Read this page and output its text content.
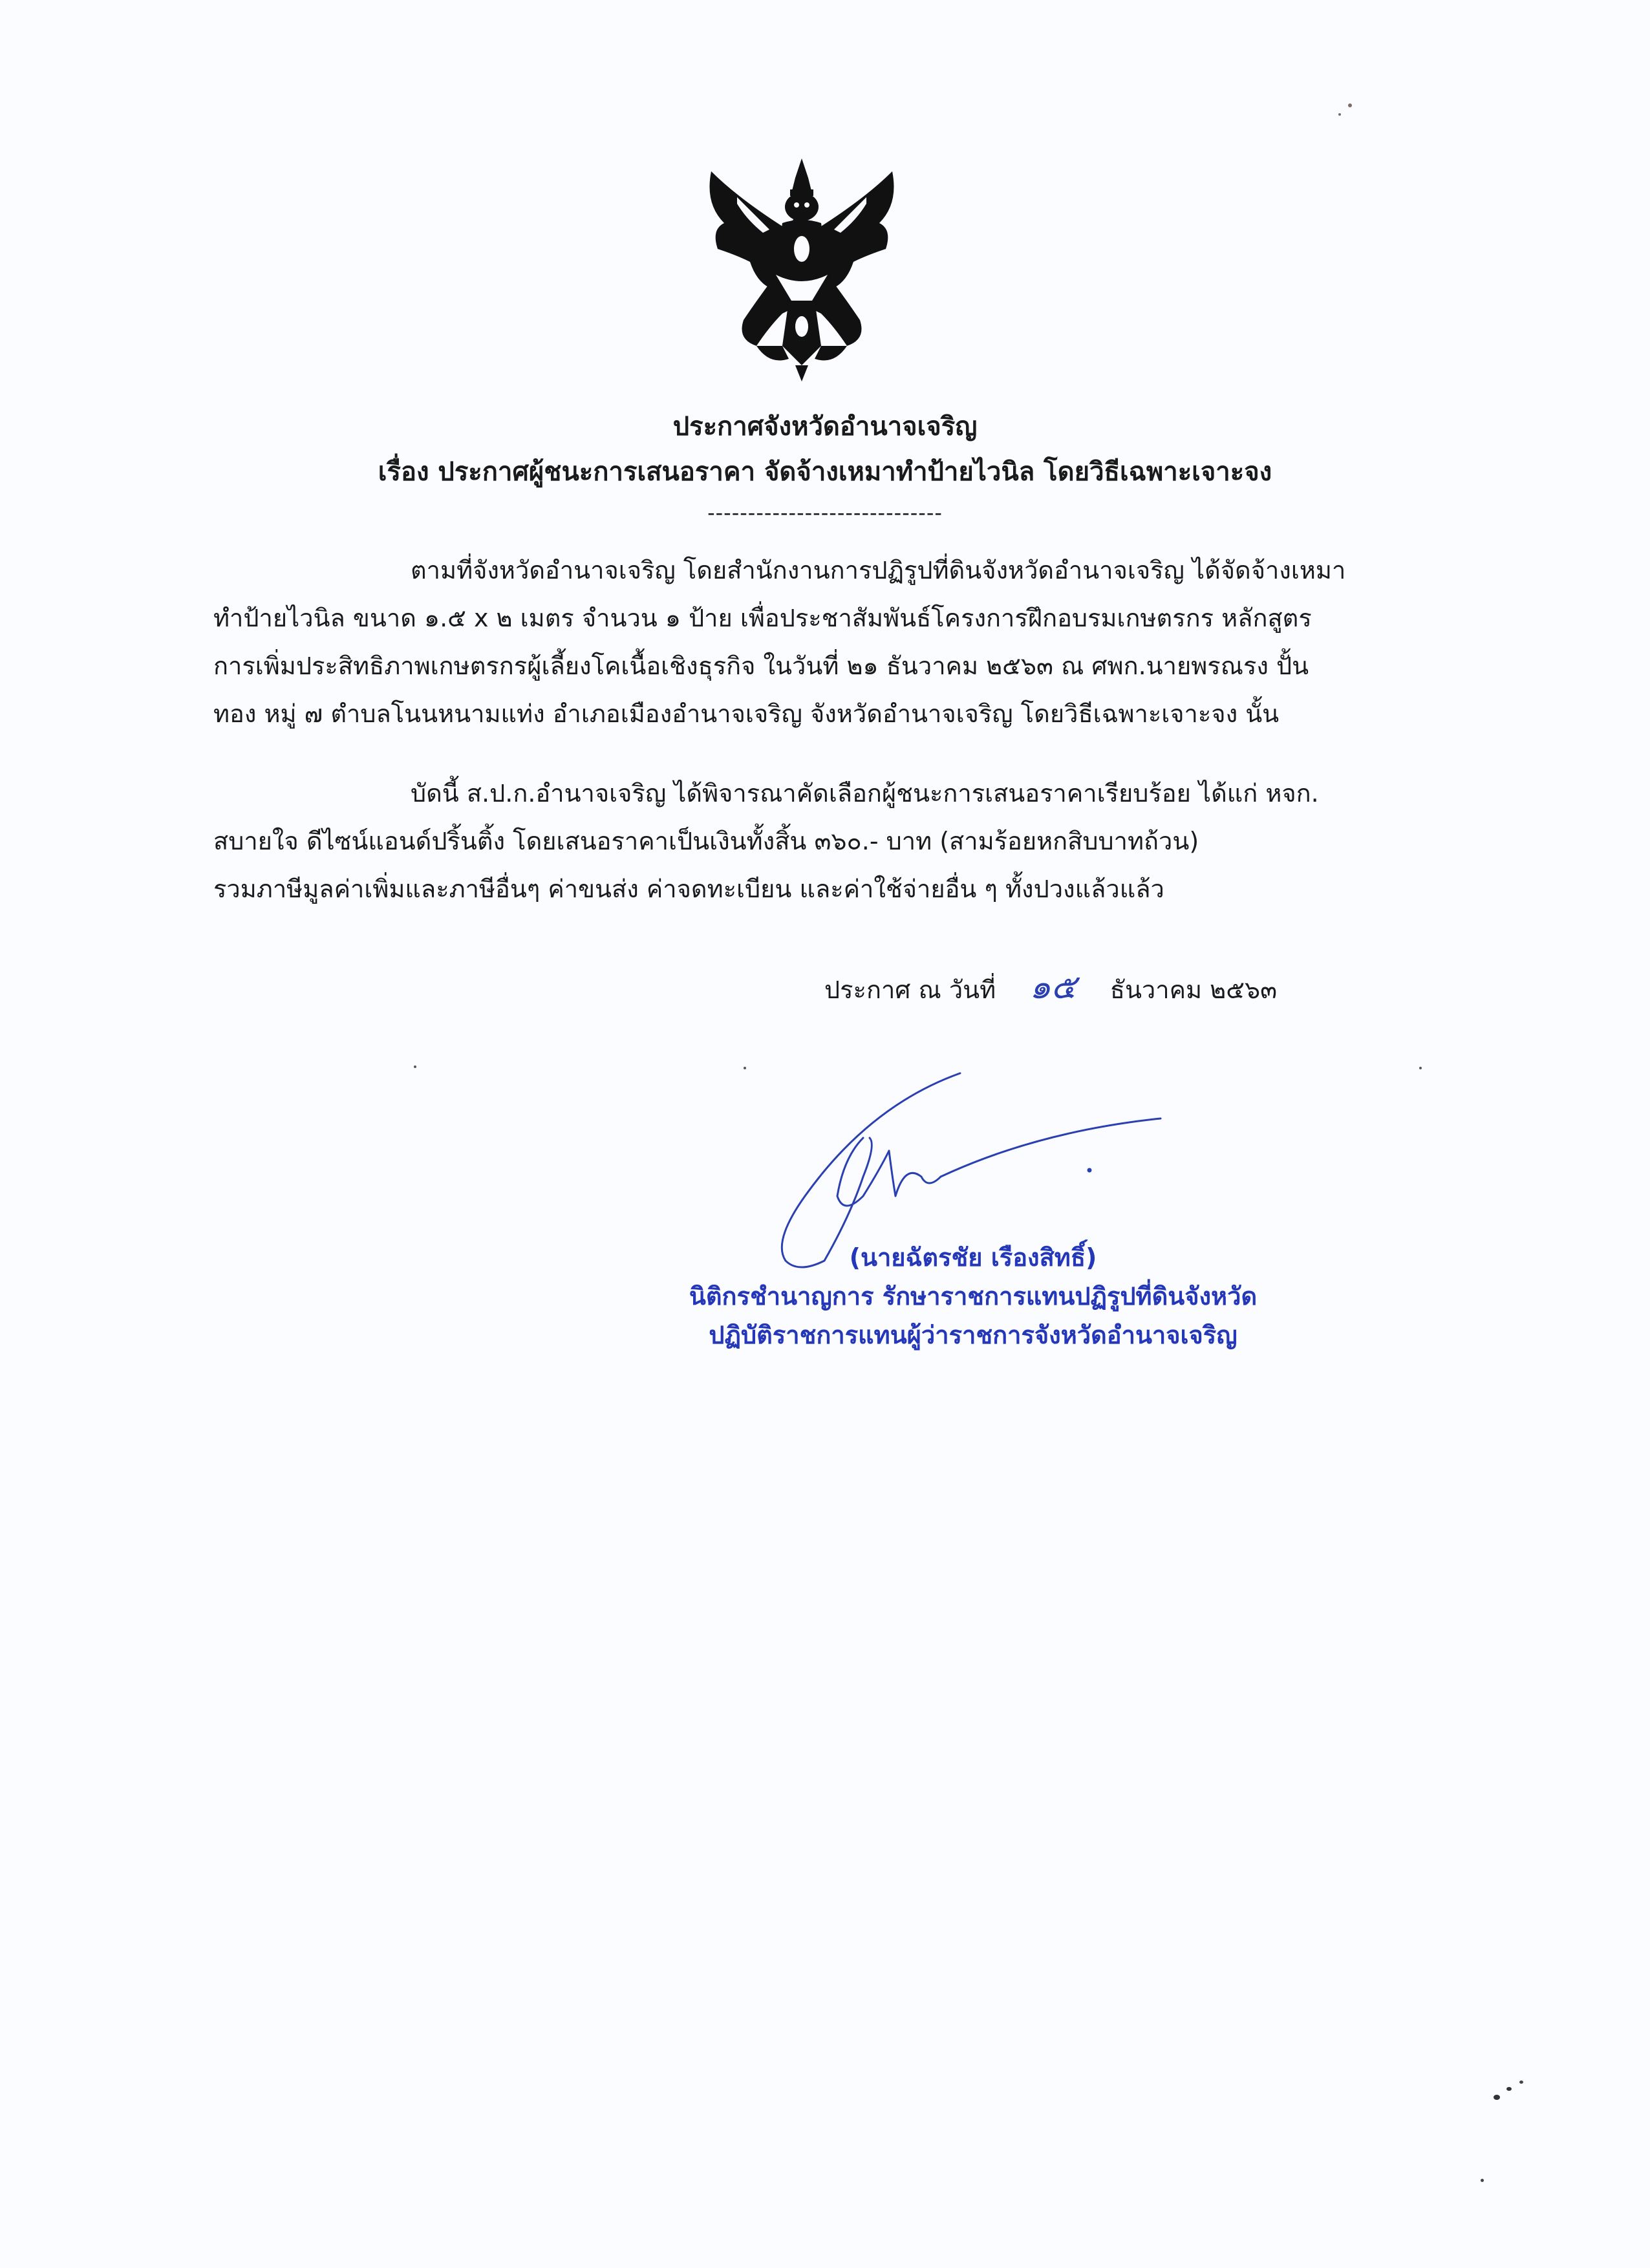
ประกาศจังหวัดอำนาจเจริญ

เรื่อง ประกาศผู้ชนะการเสนอราคา จัดจ้างเหมาทำป้ายไวนิล โดยวิธีเฉพาะเจาะจง

-----------------------------

ตามที่จังหวัดอำนาจเจริญ โดยสำนักงานการปฏิรูปที่ดินจังหวัดอำนาจเจริญ ได้จัดจ้างเหมา
ทำป้ายไวนิล ขนาด ๑.๕ x ๒ เมตร จำนวน ๑ ป้าย เพื่อประชาสัมพันธ์โครงการฝึกอบรมเกษตรกร หลักสูตร
การเพิ่มประสิทธิภาพเกษตรกรผู้เลี้ยงโคเนื้อเชิงธุรกิจ ในวันที่ ๒๑ ธันวาคม ๒๕๖๓ ณ ศพก.นายพรณรง ปั้น
ทอง หมู่ ๗ ตำบลโนนหนามแท่ง อำเภอเมืองอำนาจเจริญ จังหวัดอำนาจเจริญ โดยวิธีเฉพาะเจาะจง นั้น

บัดนี้ ส.ป.ก.อำนาจเจริญ ได้พิจารณาคัดเลือกผู้ชนะการเสนอราคาเรียบร้อย ได้แก่ หจก.
สบายใจ ดีไซน์แอนด์ปริ้นติ้ง โดยเสนอราคาเป็นเงินทั้งสิ้น ๓๖๐.- บาท (สามร้อยหกสิบบาทถ้วน)
รวมภาษีมูลค่าเพิ่มและภาษีอื่นๆ ค่าขนส่ง ค่าจดทะเบียน และค่าใช้จ่ายอื่น ๆ ทั้งปวงแล้วแล้ว

ประกาศ ณ วันที่ ๑๕ ธันวาคม ๒๕๖๓

(นายฉัตรชัย เรืองสิทธิ์)

นิติกรชำนาญการ รักษาราชการแทนปฏิรูปที่ดินจังหวัด

ปฏิบัติราชการแทนผู้ว่าราชการจังหวัดอำนาจเจริญ
